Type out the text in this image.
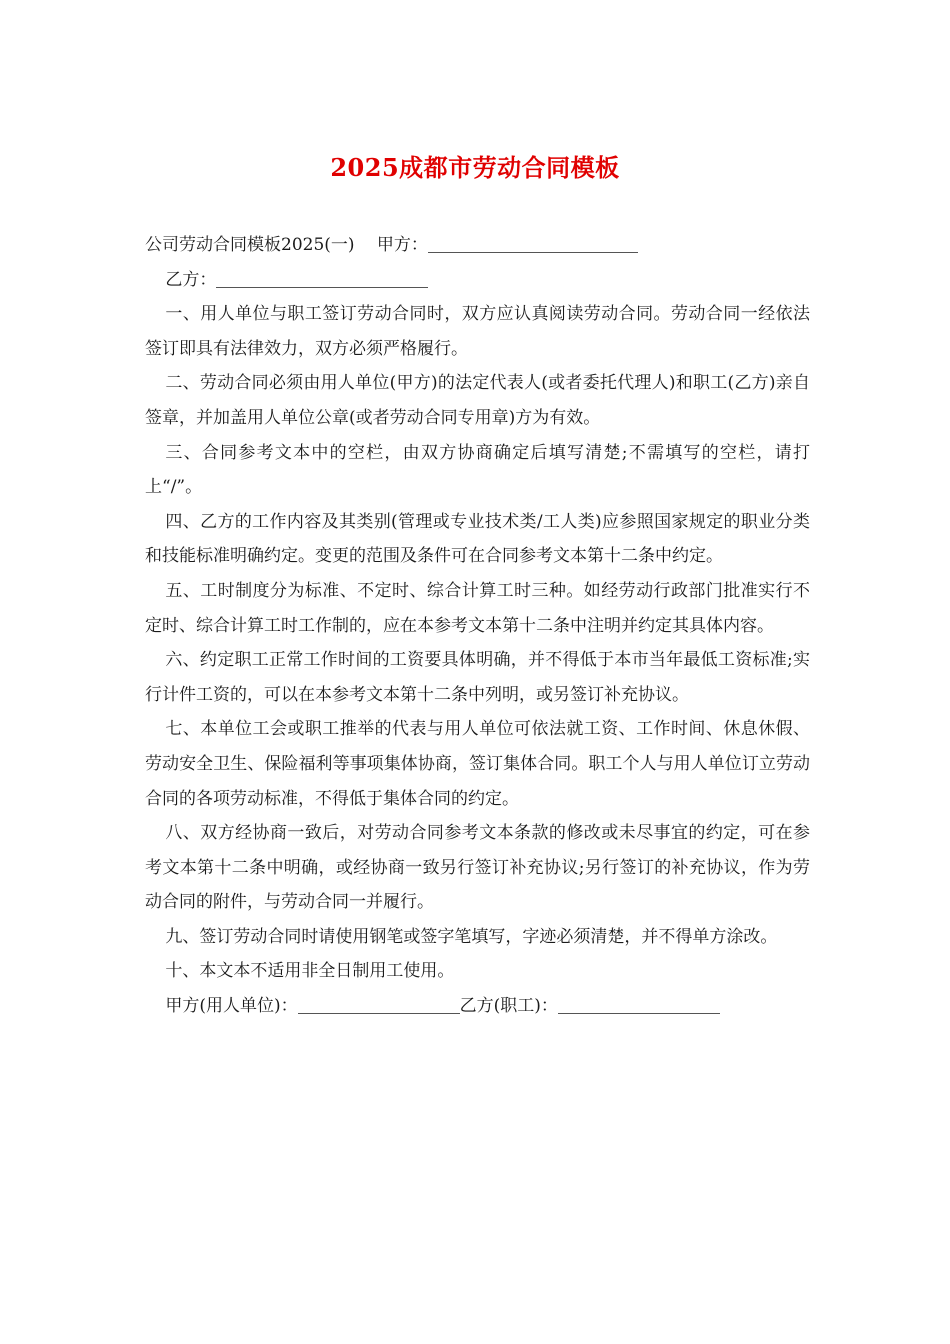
2025成都市劳动合同模板
公司劳动合同模板2025(一)　 甲方：
乙方：

一、用人单位与职工签订劳动合同时，双方应认真阅读劳动合同。劳动合同一经依法签订即具有法律效力，双方必须严格履行。

二、劳动合同必须由用人单位(甲方)的法定代表人(或者委托代理人)和职工(乙方)亲自签章，并加盖用人单位公章(或者劳动合同专用章)方为有效。

三、合同参考文本中的空栏，由双方协商确定后填写清楚;不需填写的空栏，请打上“/”。

四、乙方的工作内容及其类别(管理或专业技术类/工人类)应参照国家规定的职业分类和技能标准明确约定。变更的范围及条件可在合同参考文本第十二条中约定。

五、工时制度分为标准、不定时、综合计算工时三种。如经劳动行政部门批准实行不定时、综合计算工时工作制的，应在本参考文本第十二条中注明并约定其具体内容。

六、约定职工正常工作时间的工资要具体明确，并不得低于本市当年最低工资标准;实行计件工资的，可以在本参考文本第十二条中列明，或另签订补充协议。

七、本单位工会或职工推举的代表与用人单位可依法就工资、工作时间、休息休假、劳动安全卫生、保险福利等事项集体协商，签订集体合同。职工个人与用人单位订立劳动合同的各项劳动标准，不得低于集体合同的约定。

八、双方经协商一致后，对劳动合同参考文本条款的修改或未尽事宜的约定，可在参考文本第十二条中明确，或经协商一致另行签订补充协议;另行签订的补充协议，作为劳动合同的附件，与劳动合同一并履行。

九、签订劳动合同时请使用钢笔或签字笔填写，字迹必须清楚，并不得单方涂改。

十、本文本不适用非全日制用工使用。

甲方(用人单位)：	乙方(职工)：
